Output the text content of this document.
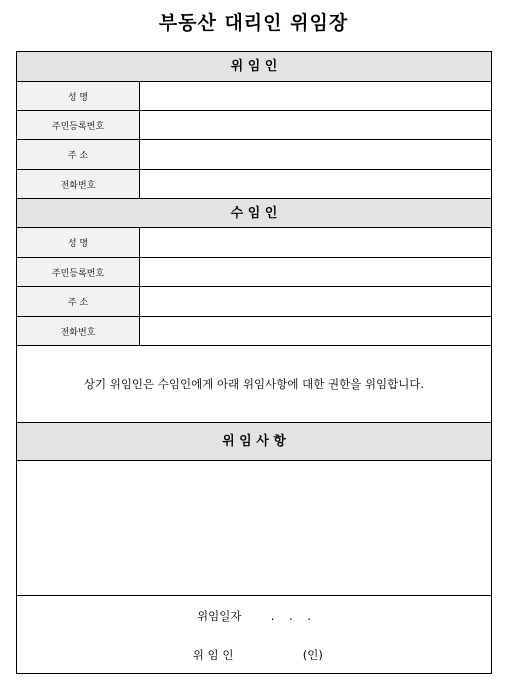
부동산 대리인 위임장
위 임 인
성 명
주민등록번호
주 소
전화번호
수 임 인
성 명
주민등록번호
주 소
전화번호
상기 위임인은 수임인에게 아래 위임사항에 대한 권한을 위임합니다.
위 임 사 항
위임일자	.    .    .
위 임 인	(인)
